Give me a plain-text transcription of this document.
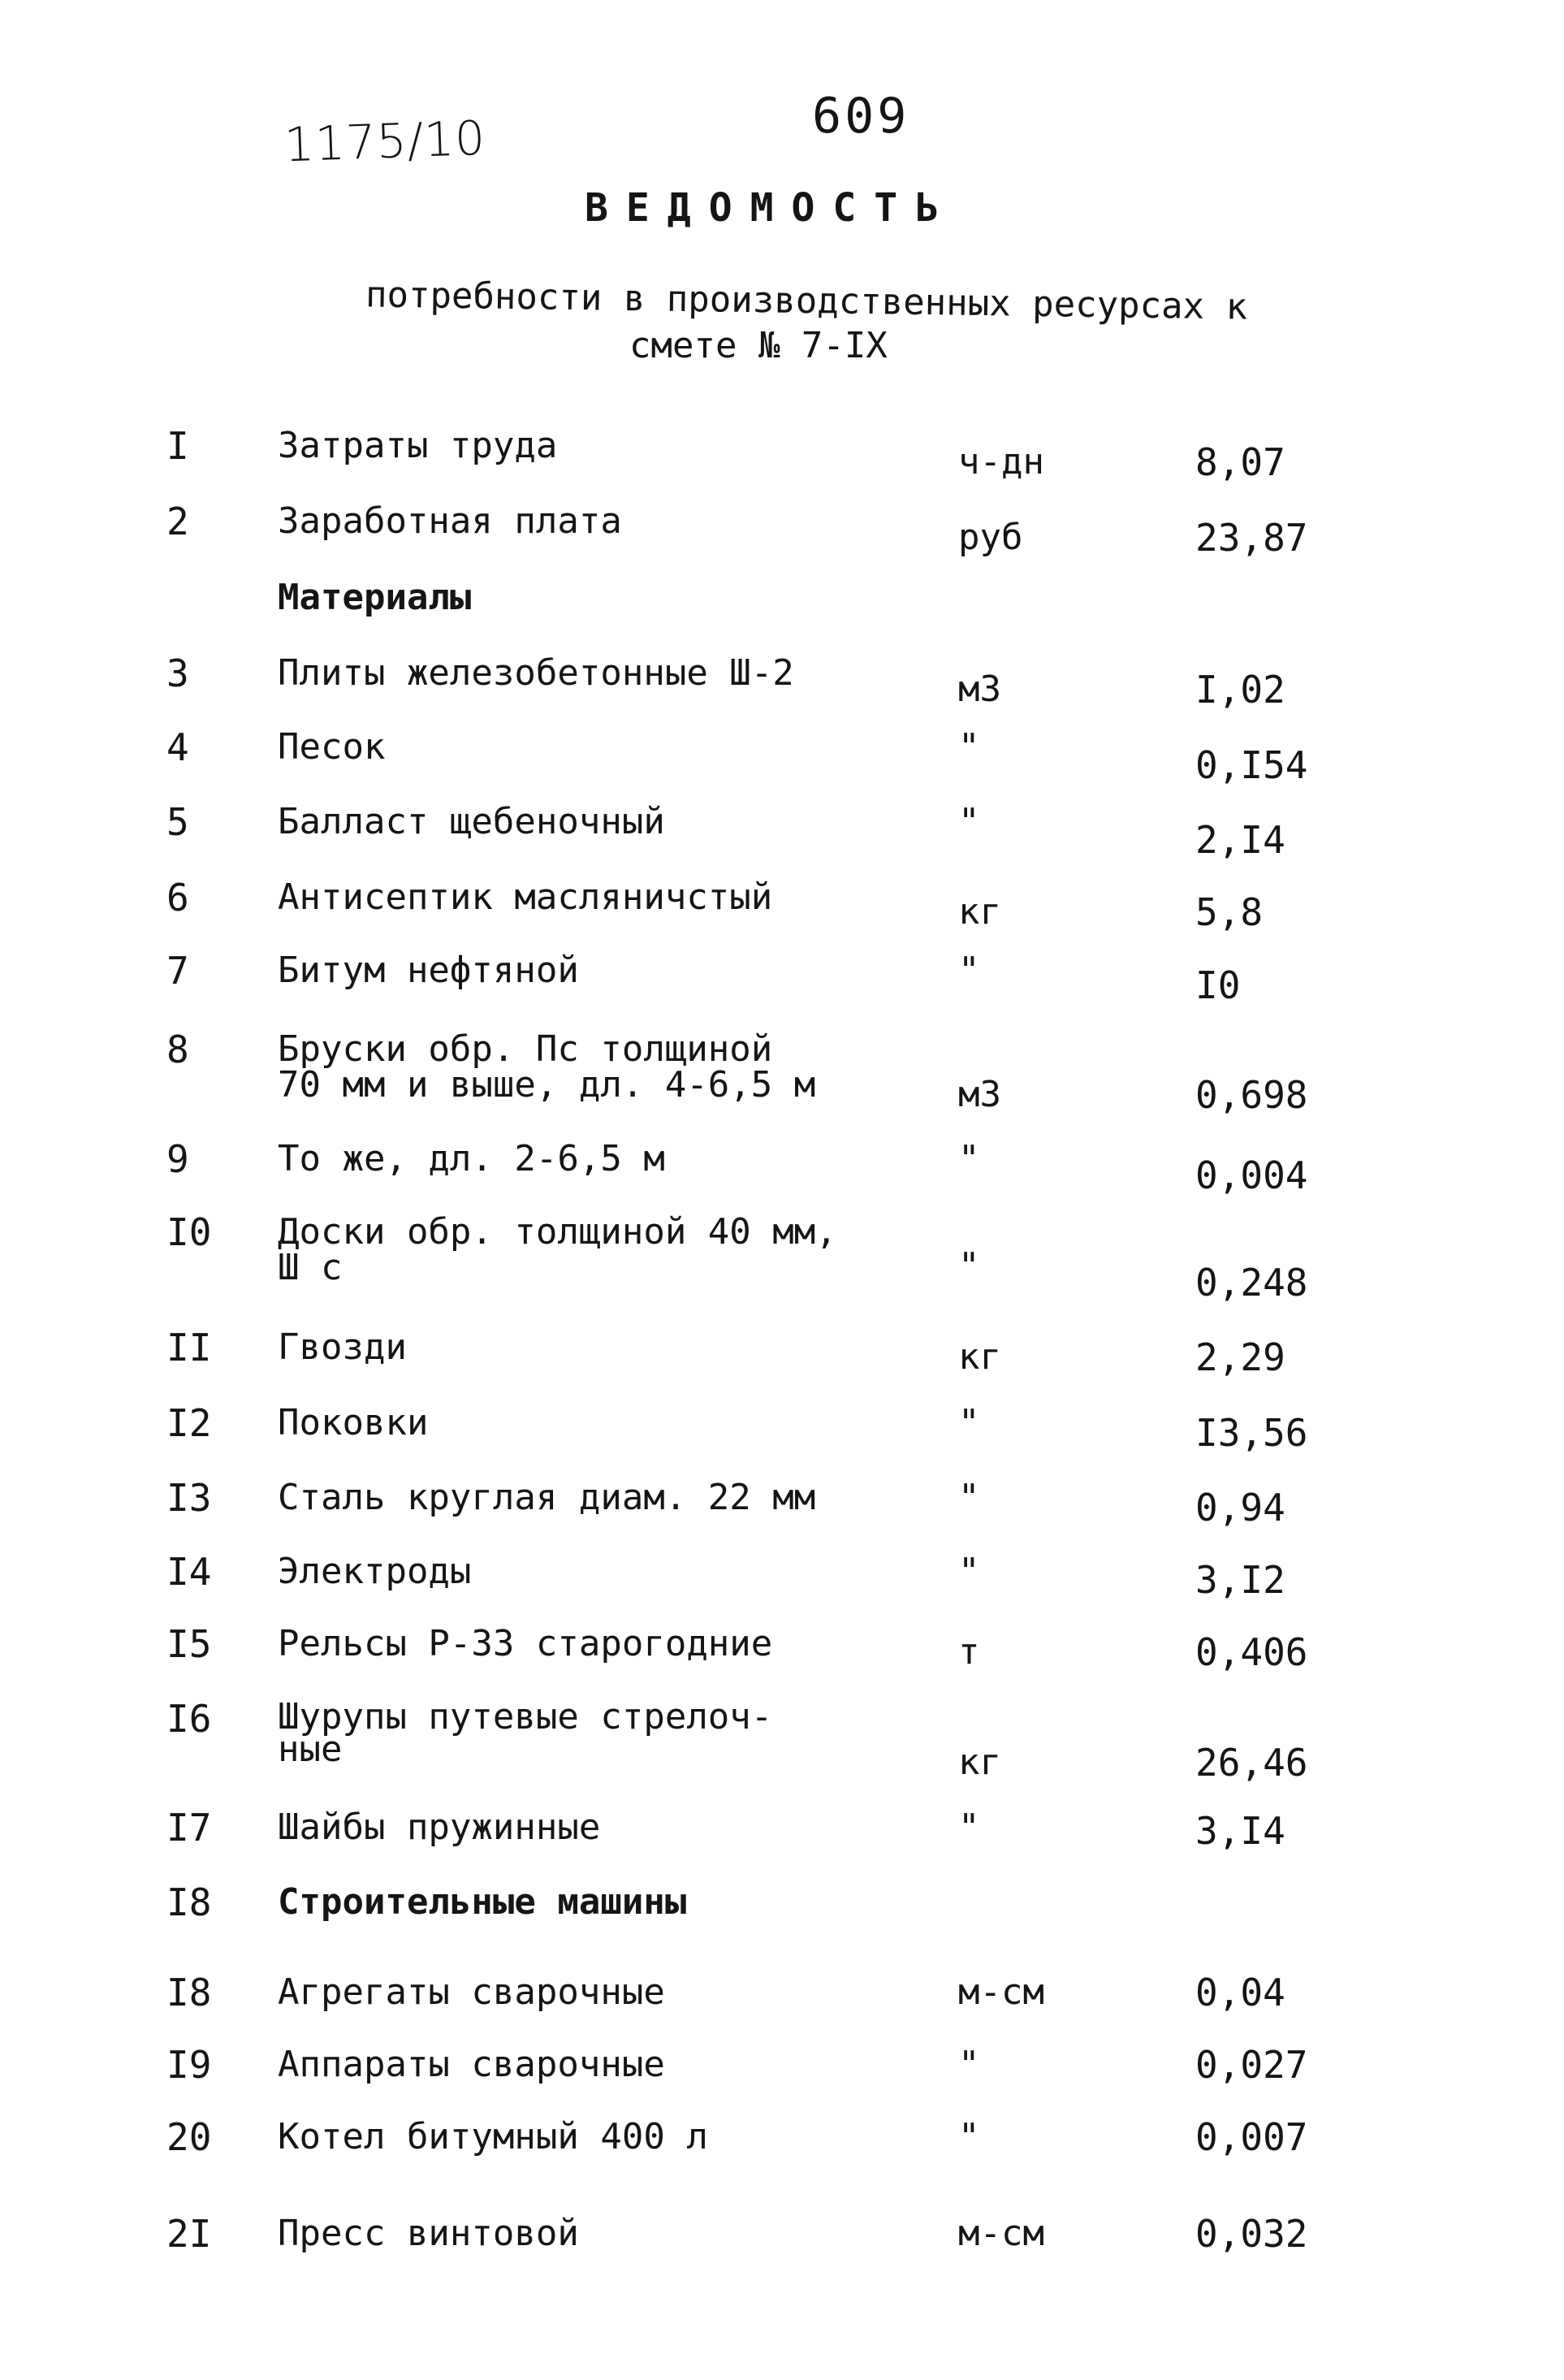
1175/10	609
ВЕДОМОСТЬ
потребности в производственных ресурсах к
смете № 7-IX
I Затраты труда	ч-дн	8,07
2 Заработная плата	руб	23,87
Материалы
3 Плиты железобетонные Ш-2	м3	I,02
4 Песок	"	0,I54
5 Балласт щебеночный	"	2,I4
6 Антисептик масляничстый	кг	5,8
7 Битум нефтяной	"	I0
8 Бруски обр. Пс толщиной
70 мм и выше, дл. 4-6,5 м	м3	0,698
9 То же, дл. 2-6,5 м	"	0,004
I0 Доски обр. толщиной 40 мм,
Ш с	"	0,248
II Гвозди	кг	2,29
I2 Поковки	"	I3,56
I3 Сталь круглая диам. 22 мм	"	0,94
I4 Электроды	"	3,I2
I5 Рельсы Р-33 старогодние	т	0,406
I6 Шурупы путевые стрелоч-
ные	кг	26,46
I7 Шайбы пружинные	"	3,I4
I8 Строительные машины
I8 Агрегаты сварочные	м-см	0,04
I9 Аппараты сварочные	"	0,027
20 Котел битумный 400 л	"	0,007
2I Пресс винтовой	м-см	0,032
